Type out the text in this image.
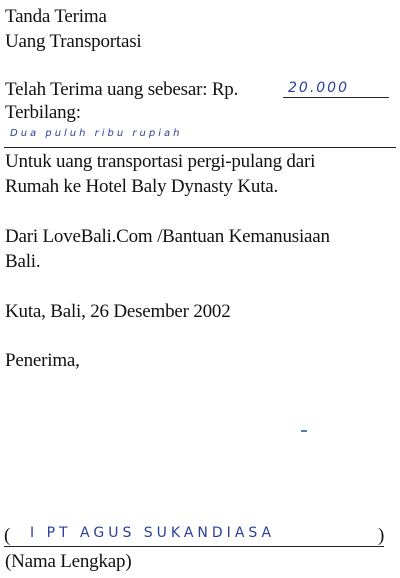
Tanda Terima
Uang Transportasi
Telah Terima uang sebesar: Rp.	20.000
Terbilang:
Dua puluh ribu rupiah
Untuk uang transportasi pergi-pulang dari
Rumah ke Hotel Baly Dynasty Kuta.
Dari LoveBali.Com /Bantuan Kemanusiaan
Bali.
Kuta, Bali, 26 Desember 2002
Penerima,
( I PT AGUS SUKANDIASA	)
(Nama Lengkap)
